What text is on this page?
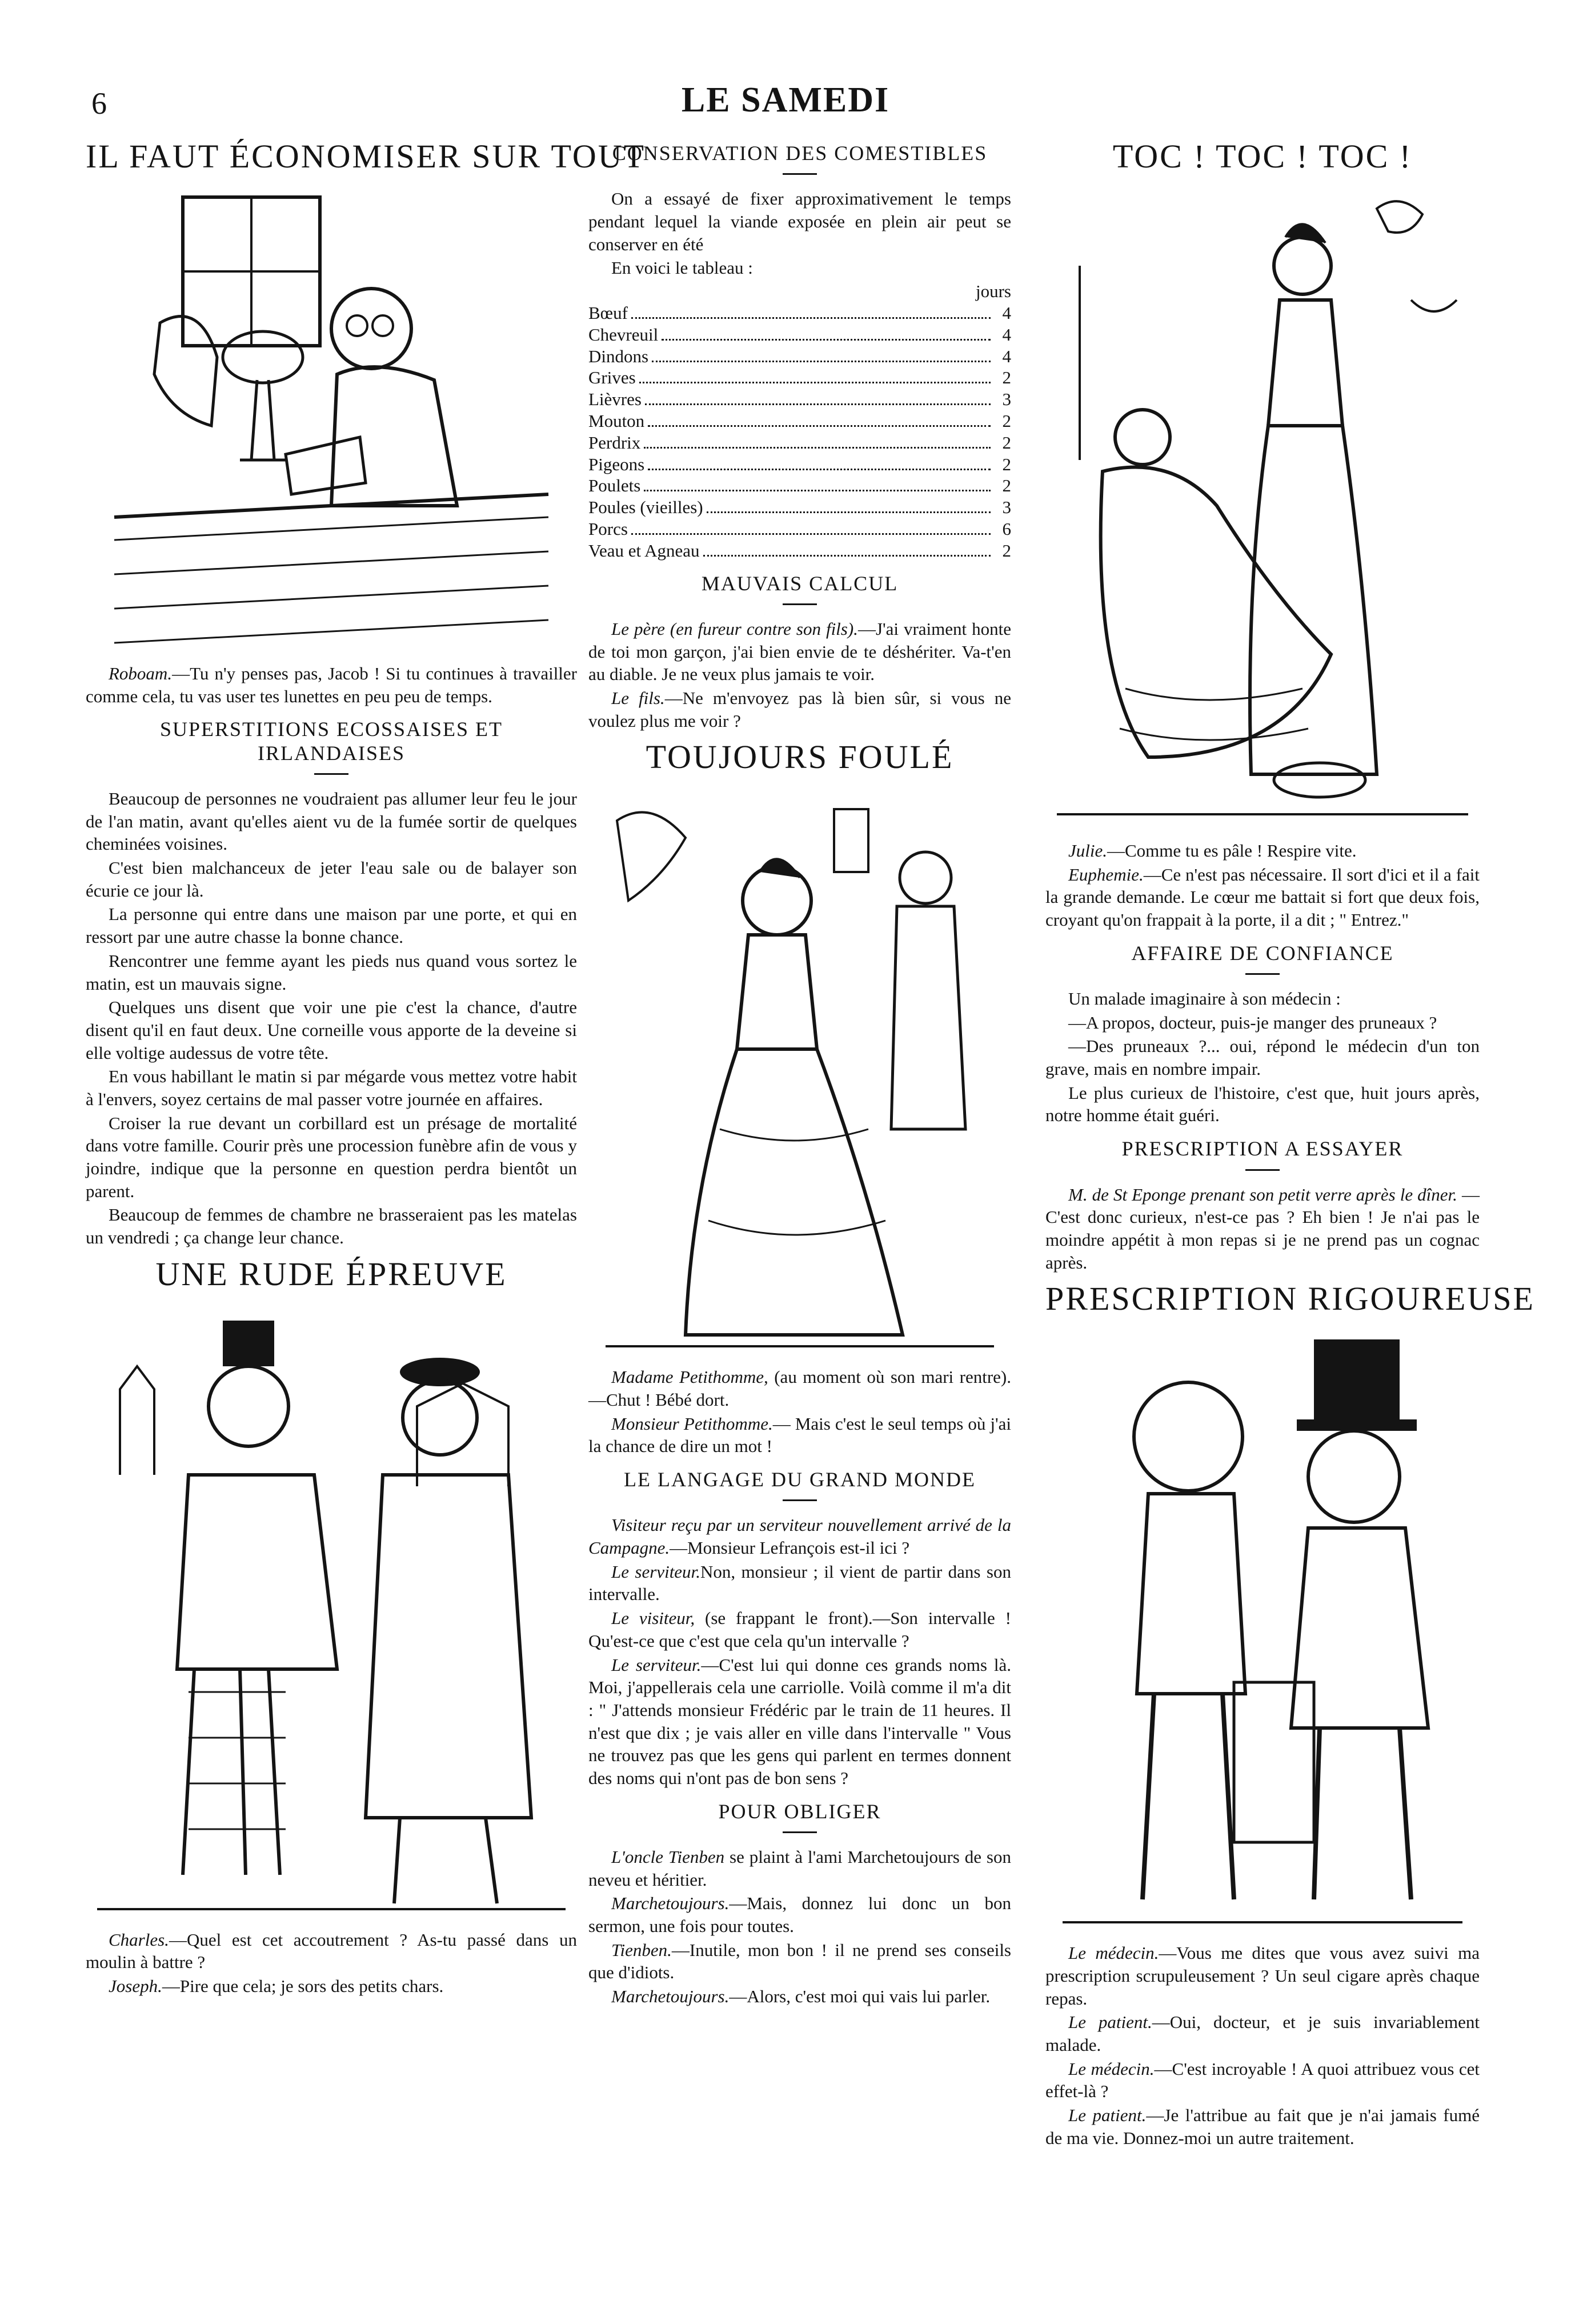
6	LE SAMEDI
IL FAUT ÉCONOMISER SUR TOUT

Roboam.—Tu n'y penses pas, Jacob ! Si tu continues à travailler comme cela, tu vas user tes lunettes en peu peu de temps.

SUPERSTITIONS ECOSSAISES ET IRLANDAISES

Beaucoup de personnes ne voudraient pas allumer leur feu le jour de l'an matin, avant qu'elles aient vu de la fumée sortir de quelques cheminées voisines.

C'est bien malchanceux de jeter l'eau sale ou de balayer son écurie ce jour là.

La personne qui entre dans une maison par une porte, et qui en ressort par une autre chasse la bonne chance.

Rencontrer une femme ayant les pieds nus quand vous sortez le matin, est un mauvais signe.

Quelques uns disent que voir une pie c'est la chance, d'autre disent qu'il en faut deux. Une corneille vous apporte de la deveine si elle voltige audessus de votre tête.

En vous habillant le matin si par mégarde vous mettez votre habit à l'envers, soyez certains de mal passer votre journée en affaires.

Croiser la rue devant un corbillard est un présage de mortalité dans votre famille. Courir près une procession funèbre afin de vous y joindre, indique que la personne en question perdra bientôt un parent.

Beaucoup de femmes de chambre ne brasseraient pas les matelas un vendredi ; ça change leur chance.

UNE RUDE ÉPREUVE

Charles.—Quel est cet accoutrement ? As-tu passé dans un moulin à battre ?

Joseph.—Pire que cela; je sors des petits chars.

CONSERVATION DES COMESTIBLES

On a essayé de fixer approximativement le temps pendant lequel la viande exposée en plein air peut se conserver en été

En voici le tableau :

jours
Bœuf	4
Chevreuil	4
Dindons	4
Grives	2
Lièvres	3
Mouton	2
Perdrix	2
Pigeons	2
Poulets	2
Poules (vieilles)	3
Porcs	6
Veau et Agneau	2
MAUVAIS CALCUL

Le père (en fureur contre son fils).—J'ai vraiment honte de toi mon garçon, j'ai bien envie de te déshériter. Va-t'en au diable. Je ne veux plus jamais te voir.

Le fils.—Ne m'envoyez pas là bien sûr, si vous ne voulez plus me voir ?

TOUJOURS FOULÉ

Madame Petithomme, (au moment où son mari rentre).—Chut ! Bébé dort.

Monsieur Petithomme.— Mais c'est le seul temps où j'ai la chance de dire un mot !

LE LANGAGE DU GRAND MONDE

Visiteur reçu par un serviteur nouvellement arrivé de la Campagne.—Monsieur Lefrançois est-il ici ?

Le serviteur.Non, monsieur ; il vient de partir dans son intervalle.

Le visiteur, (se frappant le front).—Son intervalle ! Qu'est-ce que c'est que cela qu'un intervalle ?

Le serviteur.—C'est lui qui donne ces grands noms là. Moi, j'appellerais cela une carriolle. Voilà comme il m'a dit : " J'attends monsieur Frédéric par le train de 11 heures. Il n'est que dix ; je vais aller en ville dans l'intervalle " Vous ne trouvez pas que les gens qui parlent en termes donnent des noms qui n'ont pas de bon sens ?

POUR OBLIGER

L'oncle Tienben se plaint à l'ami Marchetoujours de son neveu et héritier.

Marchetoujours.—Mais, donnez lui donc un bon sermon, une fois pour toutes.

Tienben.—Inutile, mon bon ! il ne prend ses conseils que d'idiots.

Marchetoujours.—Alors, c'est moi qui vais lui parler.

TOC ! TOC ! TOC !

Julie.—Comme tu es pâle ! Respire vite.

Euphemie.—Ce n'est pas nécessaire. Il sort d'ici et il a fait la grande demande. Le cœur me battait si fort que deux fois, croyant qu'on frappait à la porte, il a dit ; " Entrez."

AFFAIRE DE CONFIANCE

Un malade imaginaire à son médecin :

—A propos, docteur, puis-je manger des pruneaux ?

—Des pruneaux ?... oui, répond le médecin d'un ton grave, mais en nombre impair.

Le plus curieux de l'histoire, c'est que, huit jours après, notre homme était guéri.

PRESCRIPTION A ESSAYER

M. de St Eponge prenant son petit verre après le dîner. — C'est donc curieux, n'est-ce pas ? Eh bien ! Je n'ai pas le moindre appétit à mon repas si je ne prend pas un cognac après.

PRESCRIPTION RIGOUREUSE

Le médecin.—Vous me dites que vous avez suivi ma prescription scrupuleusement ? Un seul cigare après chaque repas.

Le patient.—Oui, docteur, et je suis invariablement malade.

Le médecin.—C'est incroyable ! A quoi attribuez vous cet effet-là ?

Le patient.—Je l'attribue au fait que je n'ai jamais fumé de ma vie. Donnez-moi un autre traitement.
